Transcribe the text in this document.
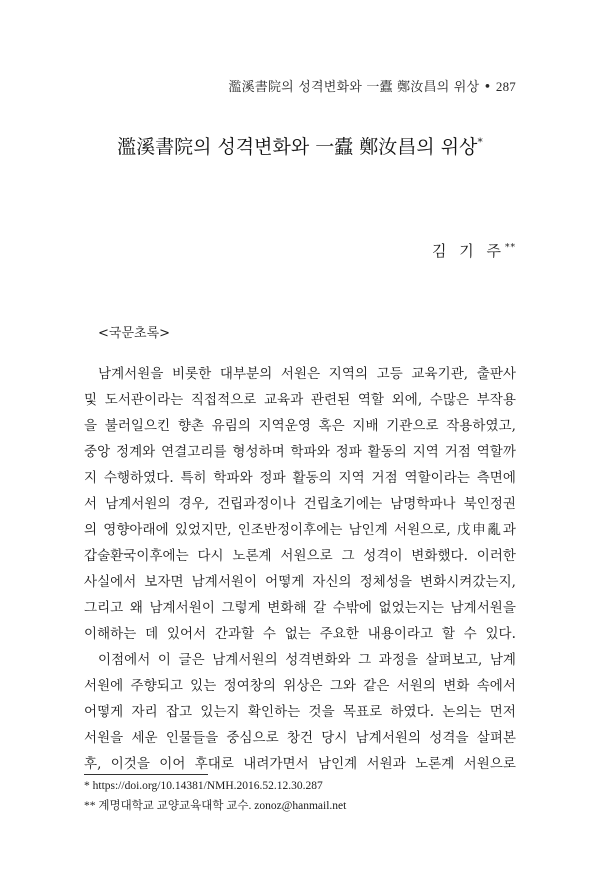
濫溪書院의 성격변화와 一蠹 鄭汝昌의 위상 • 287
濫溪書院의 성격변화와 一蠹 鄭汝昌의 위상*
김 기 주**
<국문초록>
남계서원을 비롯한 대부분의 서원은 지역의 고등 교육기관, 출판사
및 도서관이라는 직접적으로 교육과 관련된 역할 외에, 수많은 부작용
을 불러일으킨 향촌 유림의 지역운영 혹은 지배 기관으로 작용하였고,
중앙 정계와 연결고리를 형성하며 학파와 정파 활동의 지역 거점 역할까
지 수행하였다. 특히 학파와 정파 활동의 지역 거점 역할이라는 측면에
서 남계서원의 경우, 건립과정이나 건립초기에는 남명학파나 북인정권
의 영향아래에 있었지만, 인조반정이후에는 남인계 서원으로, 戊申亂과
갑술환국이후에는 다시 노론계 서원으로 그 성격이 변화했다. 이러한
사실에서 보자면 남계서원이 어떻게 자신의 정체성을 변화시켜갔는지,
그리고 왜 남계서원이 그렇게 변화해 갈 수밖에 없었는지는 남계서원을
이해하는 데 있어서 간과할 수 없는 주요한 내용이라고 할 수 있다.
이점에서 이 글은 남계서원의 성격변화와 그 과정을 살펴보고, 남계
서원에 주향되고 있는 정여창의 위상은 그와 같은 서원의 변화 속에서
어떻게 자리 잡고 있는지 확인하는 것을 목표로 하였다. 논의는 먼저
서원을 세운 인물들을 중심으로 창건 당시 남계서원의 성격을 살펴본
후, 이것을 이어 후대로 내려가면서 남인계 서원과 노론계 서원으로
* https://doi.org/10.14381/NMH.2016.52.12.30.287
** 계명대학교 교양교육대학 교수. zonoz@hanmail.net
